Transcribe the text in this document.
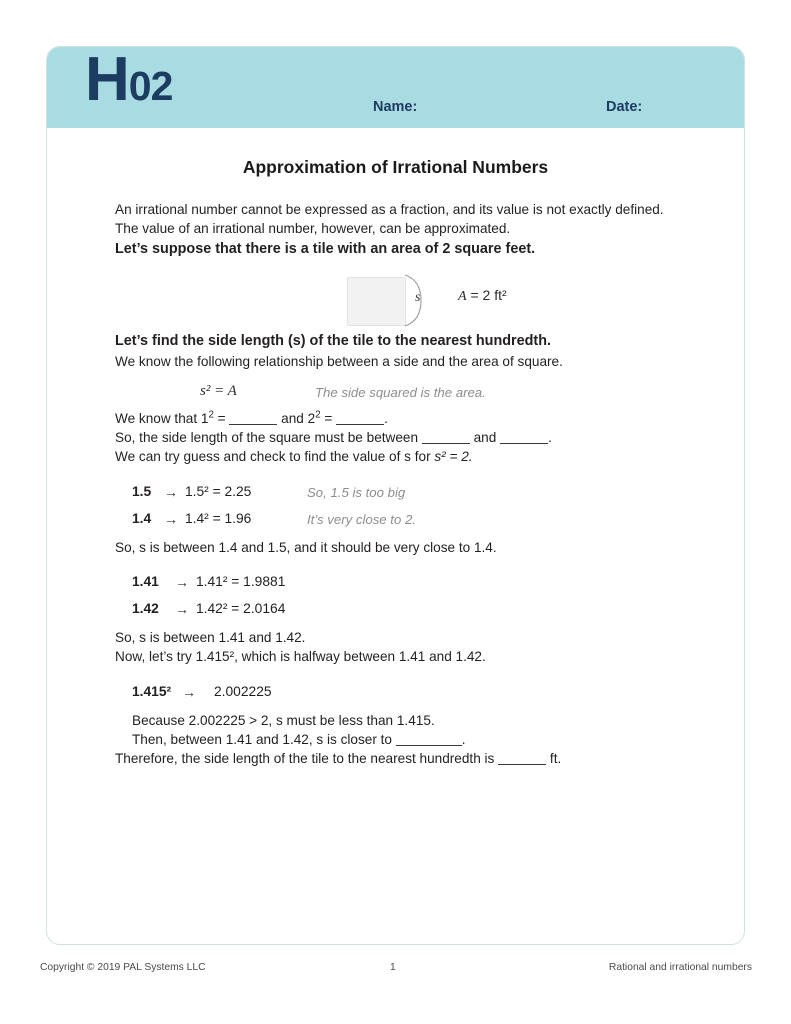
H02	Name:	Date:
Approximation of Irrational Numbers

An irrational number cannot be expressed as a fraction, and its value is not exactly defined. The value of an irrational number, however, can be approximated.

Let’s suppose that there is a tile with an area of 2 square feet.

s	A = 2 ft²

Let’s find the side length (s) of the tile to the nearest hundredth.

We know the following relationship between a side and the area of square.

s² = A	The side squared is the area.

We know that $1^2$ =	and $2^2$ =	.

So, the side length of the square must be between	and	.

We can try guess and check to find the value of s for s² = 2.

1.5 → 1.5² = 2.25	So, 1.5 is too big
1.4 → 1.4² = 1.96	It’s very close to 2.

So, s is between 1.4 and 1.5, and it should be very close to 1.4.

1.41 → 1.41² = 1.9881
1.42 → 1.42² = 2.0164

So, s is between 1.41 and 1.42.

Now, let’s try 1.415², which is halfway between 1.41 and 1.42.

1.415² → 2.002225

Because 2.002225 > 2, s must be less than 1.415.

Then, between 1.41 and 1.42, s is closer to	.

Therefore, the side length of the tile to the nearest hundredth is	ft.

Copyright © 2019 PAL Systems LLC	1	Rational and irrational numbers
